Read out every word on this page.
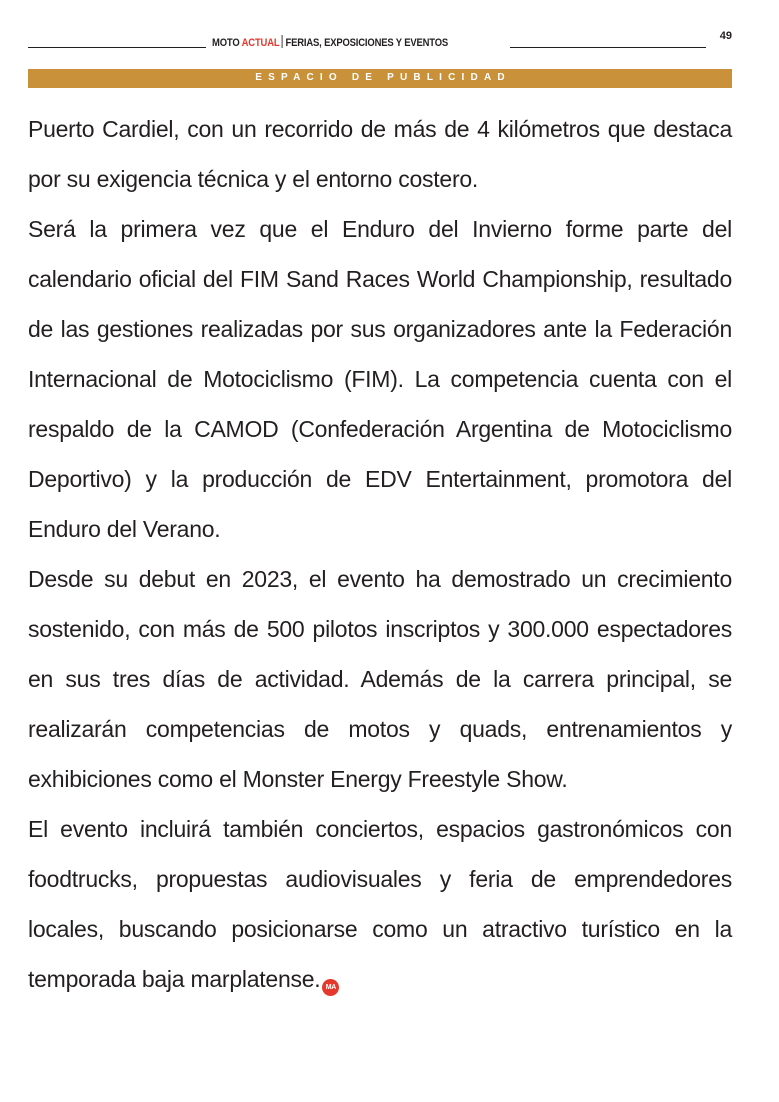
MOTO ACTUAL FERIAS, EXPOSICIONES Y EVENTOS
49
ESPACIO DE PUBLICIDAD

Puerto Cardiel, con un recorrido de más de 4 kilómetros que destaca por su exigencia técnica y el entorno costero.

Será la primera vez que el Enduro del Invierno forme parte del calendario oficial del FIM Sand Races World Championship, resultado de las gestiones realizadas por sus organizadores ante la Federación Internacional de Motociclismo (FIM). La competencia cuenta con el respaldo de la CAMOD (Confederación Argentina de Motociclismo Deportivo) y la producción de EDV Entertainment, promotora del Enduro del Verano.

Desde su debut en 2023, el evento ha demostrado un crecimiento sostenido, con más de 500 pilotos inscriptos y 300.000 espectadores en sus tres días de actividad. Además de la carrera principal, se realizarán competencias de motos y quads, entrenamientos y exhibiciones como el Monster Energy Freestyle Show.

El evento incluirá también conciertos, espacios gastronómicos con foodtrucks, propuestas audiovisuales y feria de emprendedores locales, buscando posicionarse como un atractivo turístico en la temporada baja marplatense. MA
